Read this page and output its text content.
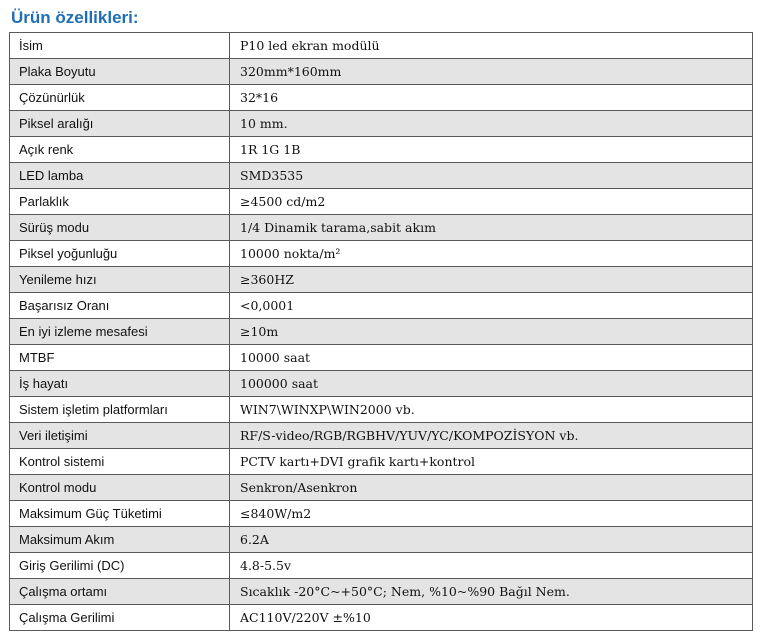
Ürün özellikleri:
İsim	P10 led ekran modülü
Plaka Boyutu	320mm*160mm
Çözünürlük	32*16
Piksel aralığı	10 mm.
Açık renk	1R 1G 1B
LED lamba	SMD3535
Parlaklık	≥4500 cd/m2
Sürüş modu	1/4 Dinamik tarama,sabit akım
Piksel yoğunluğu	10000 nokta/m²
Yenileme hızı	≥360HZ
Başarısız Oranı	<0,0001
En iyi izleme mesafesi	≥10m
MTBF	10000 saat
İş hayatı	100000 saat
Sistem işletim platformları	WIN7\WINXP\WIN2000 vb.
Veri iletişimi	RF/S-video/RGB/RGBHV/YUV/YC/KOMPOZİSYON vb.
Kontrol sistemi	PCTV kartı+DVI grafik kartı+kontrol
Kontrol modu	Senkron/Asenkron
Maksimum Güç Tüketimi	≤840W/m2
Maksimum Akım	6.2A
Giriş Gerilimi (DC)	4.8-5.5v
Çalışma ortamı	Sıcaklık -20°C~+50°C; Nem, %10~%90 Bağıl Nem.
Çalışma Gerilimi	AC110V/220V ±%10
